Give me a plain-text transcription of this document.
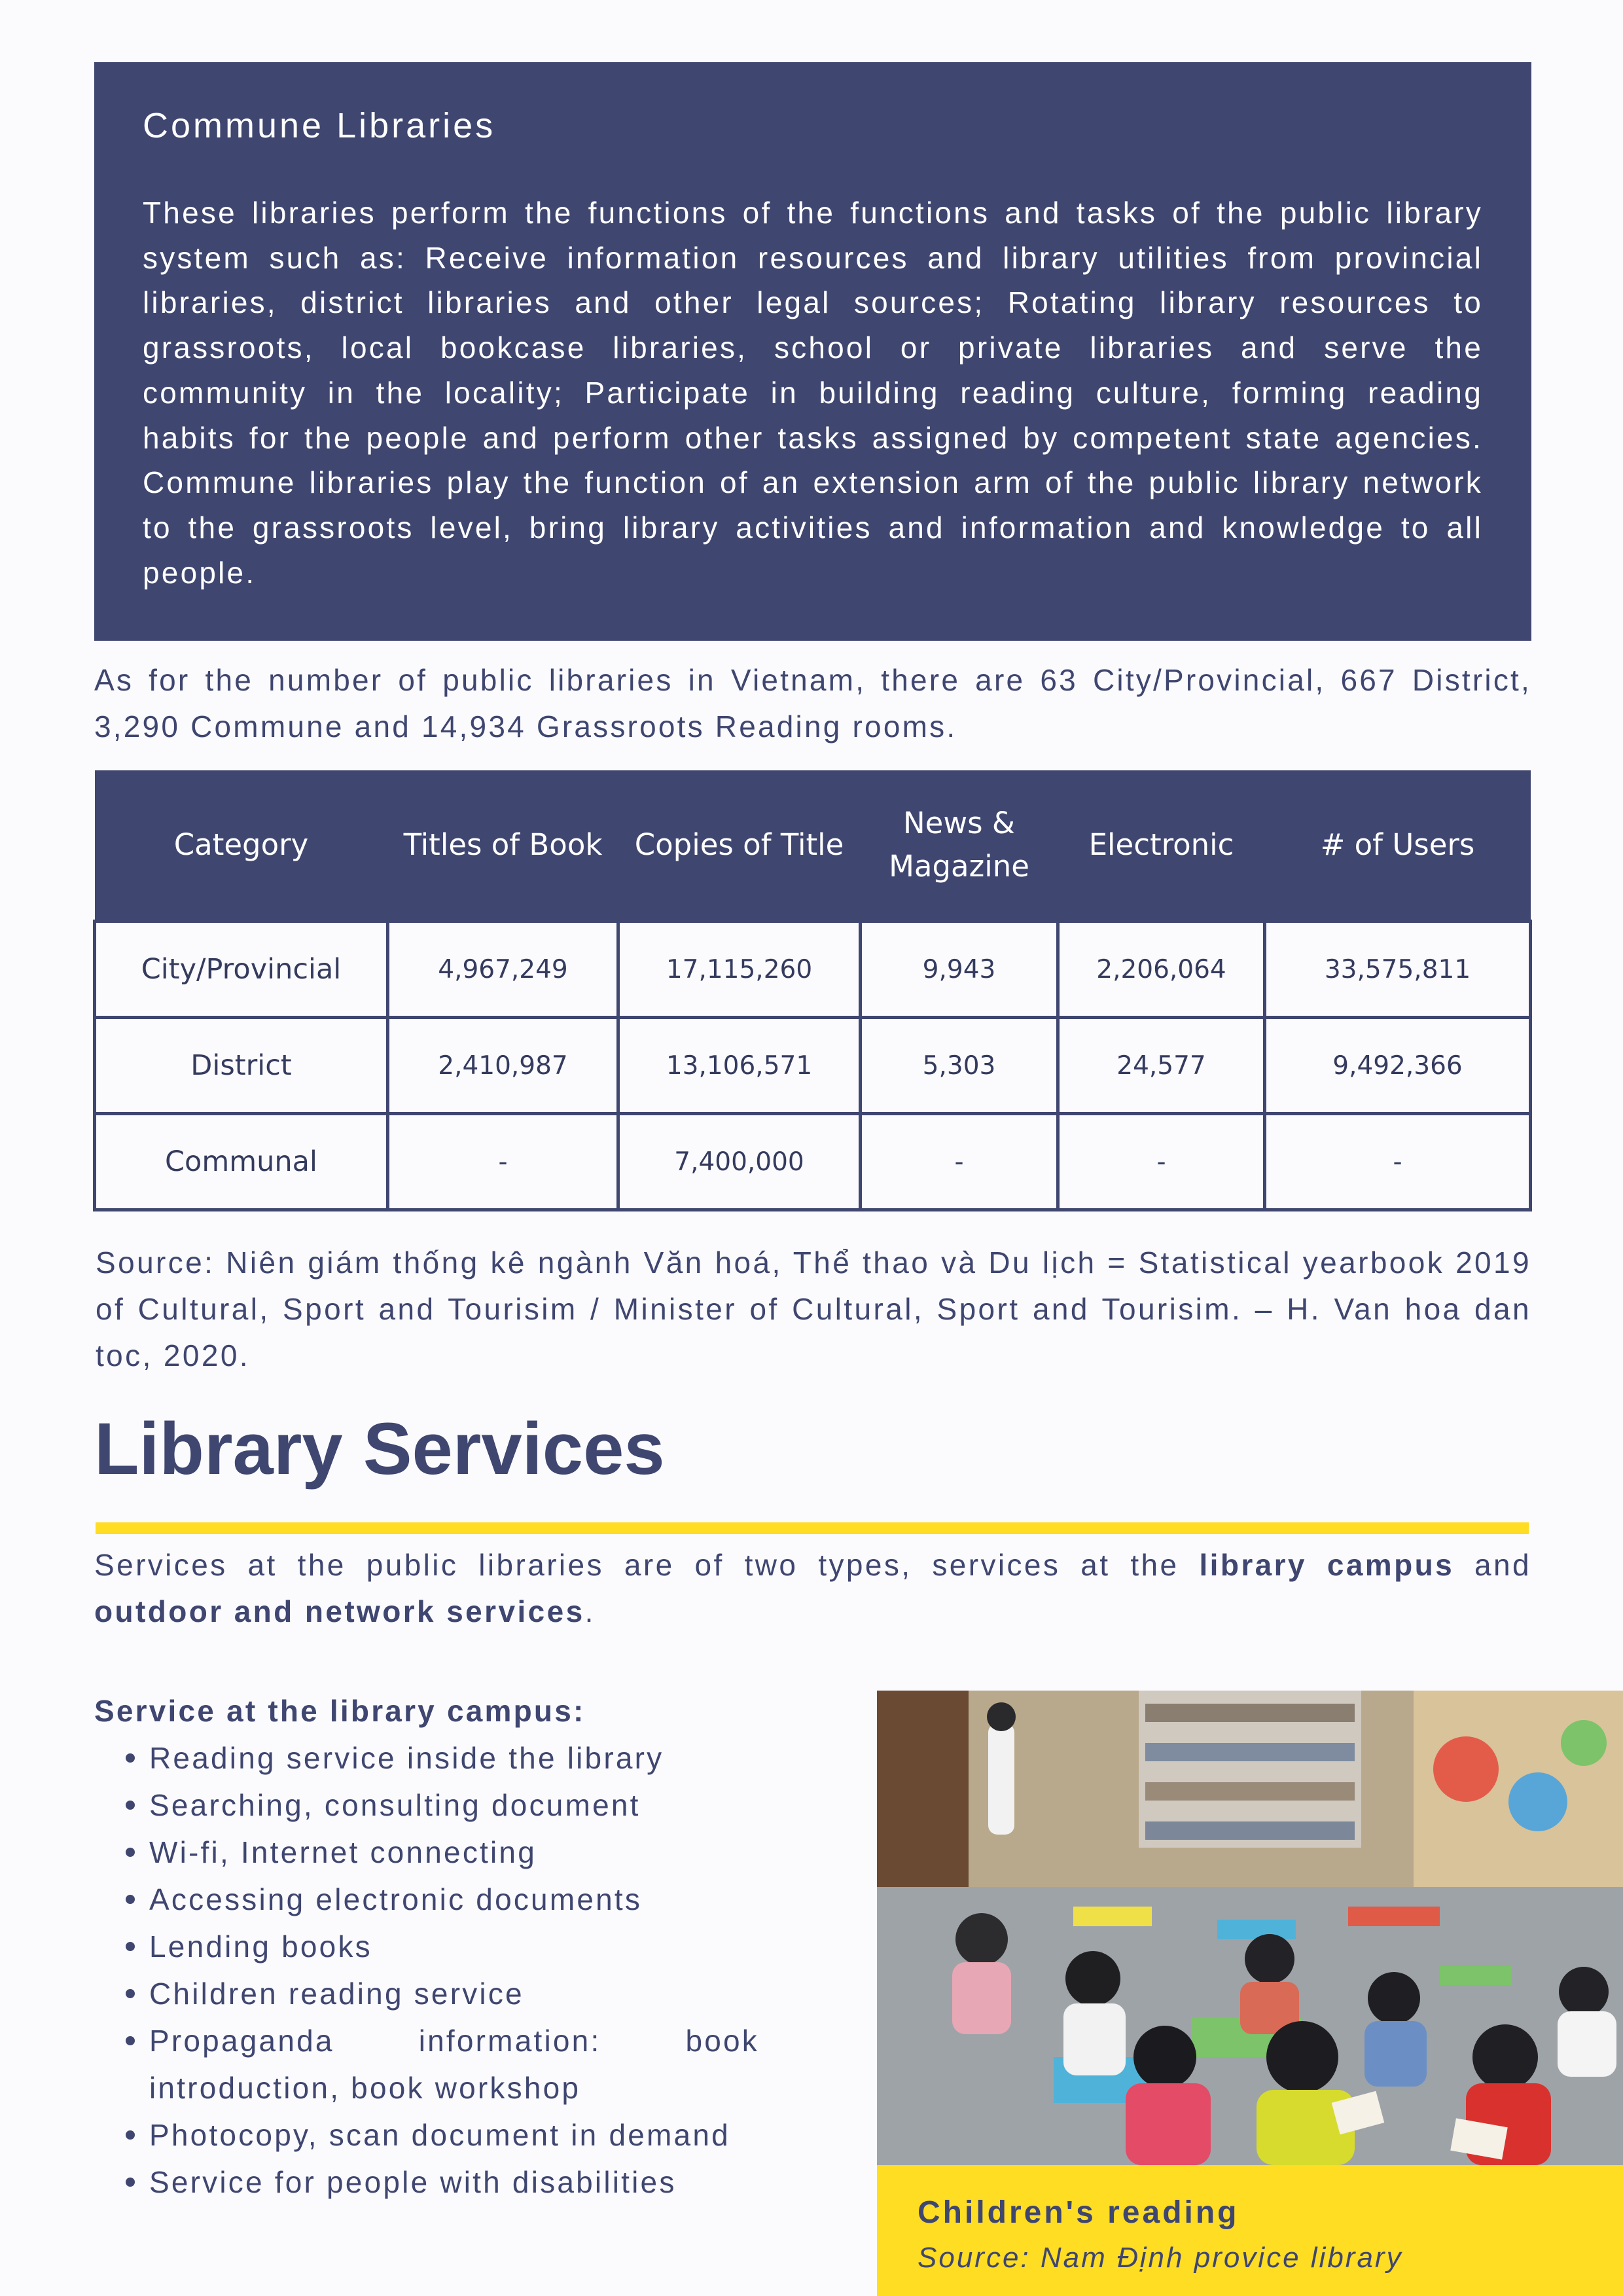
Commune Libraries

These libraries perform the functions of the functions and tasks of the public library system such as: Receive information resources and library utilities from provincial libraries, district libraries and other legal sources; Rotating library resources to grassroots, local bookcase libraries, school or private libraries and serve the community in the locality; Participate in building reading culture, forming reading habits for the people and perform other tasks assigned by competent state agencies. Commune libraries play the function of an extension arm of the public library network to the grassroots level, bring library activities and information and knowledge to all people.

As for the number of public libraries in Vietnam, there are 63 City/Provincial, 667 District, 3,290 Commune and 14,934 Grassroots Reading rooms.

Category	Titles of Book	Copies of Title	News & Magazine	Electronic	# of Users
City/Provincial	4,967,249	17,115,260	9,943	2,206,064	33,575,811
District	2,410,987	13,106,571	5,303	24,577	9,492,366
Communal	-	7,400,000	-	-	-

Source: Niên giám thống kê ngành Văn hoá, Thể thao và Du lịch = Statistical yearbook 2019 of Cultural, Sport and Tourisim / Minister of Cultural, Sport and Tourisim. – H. Van hoa dan toc, 2020.

Library Services

Services at the public libraries are of two types, services at the library campus and outdoor and network services.

Service at the library campus:
Reading service inside the library
Searching, consulting document
Wi-fi, Internet connecting
Accessing electronic documents
Lending books
Children reading service
Propaganda information: book introduction, book workshop
Photocopy, scan document in demand
Service for people with disabilities

Children's reading

Source: Nam Định provice library
